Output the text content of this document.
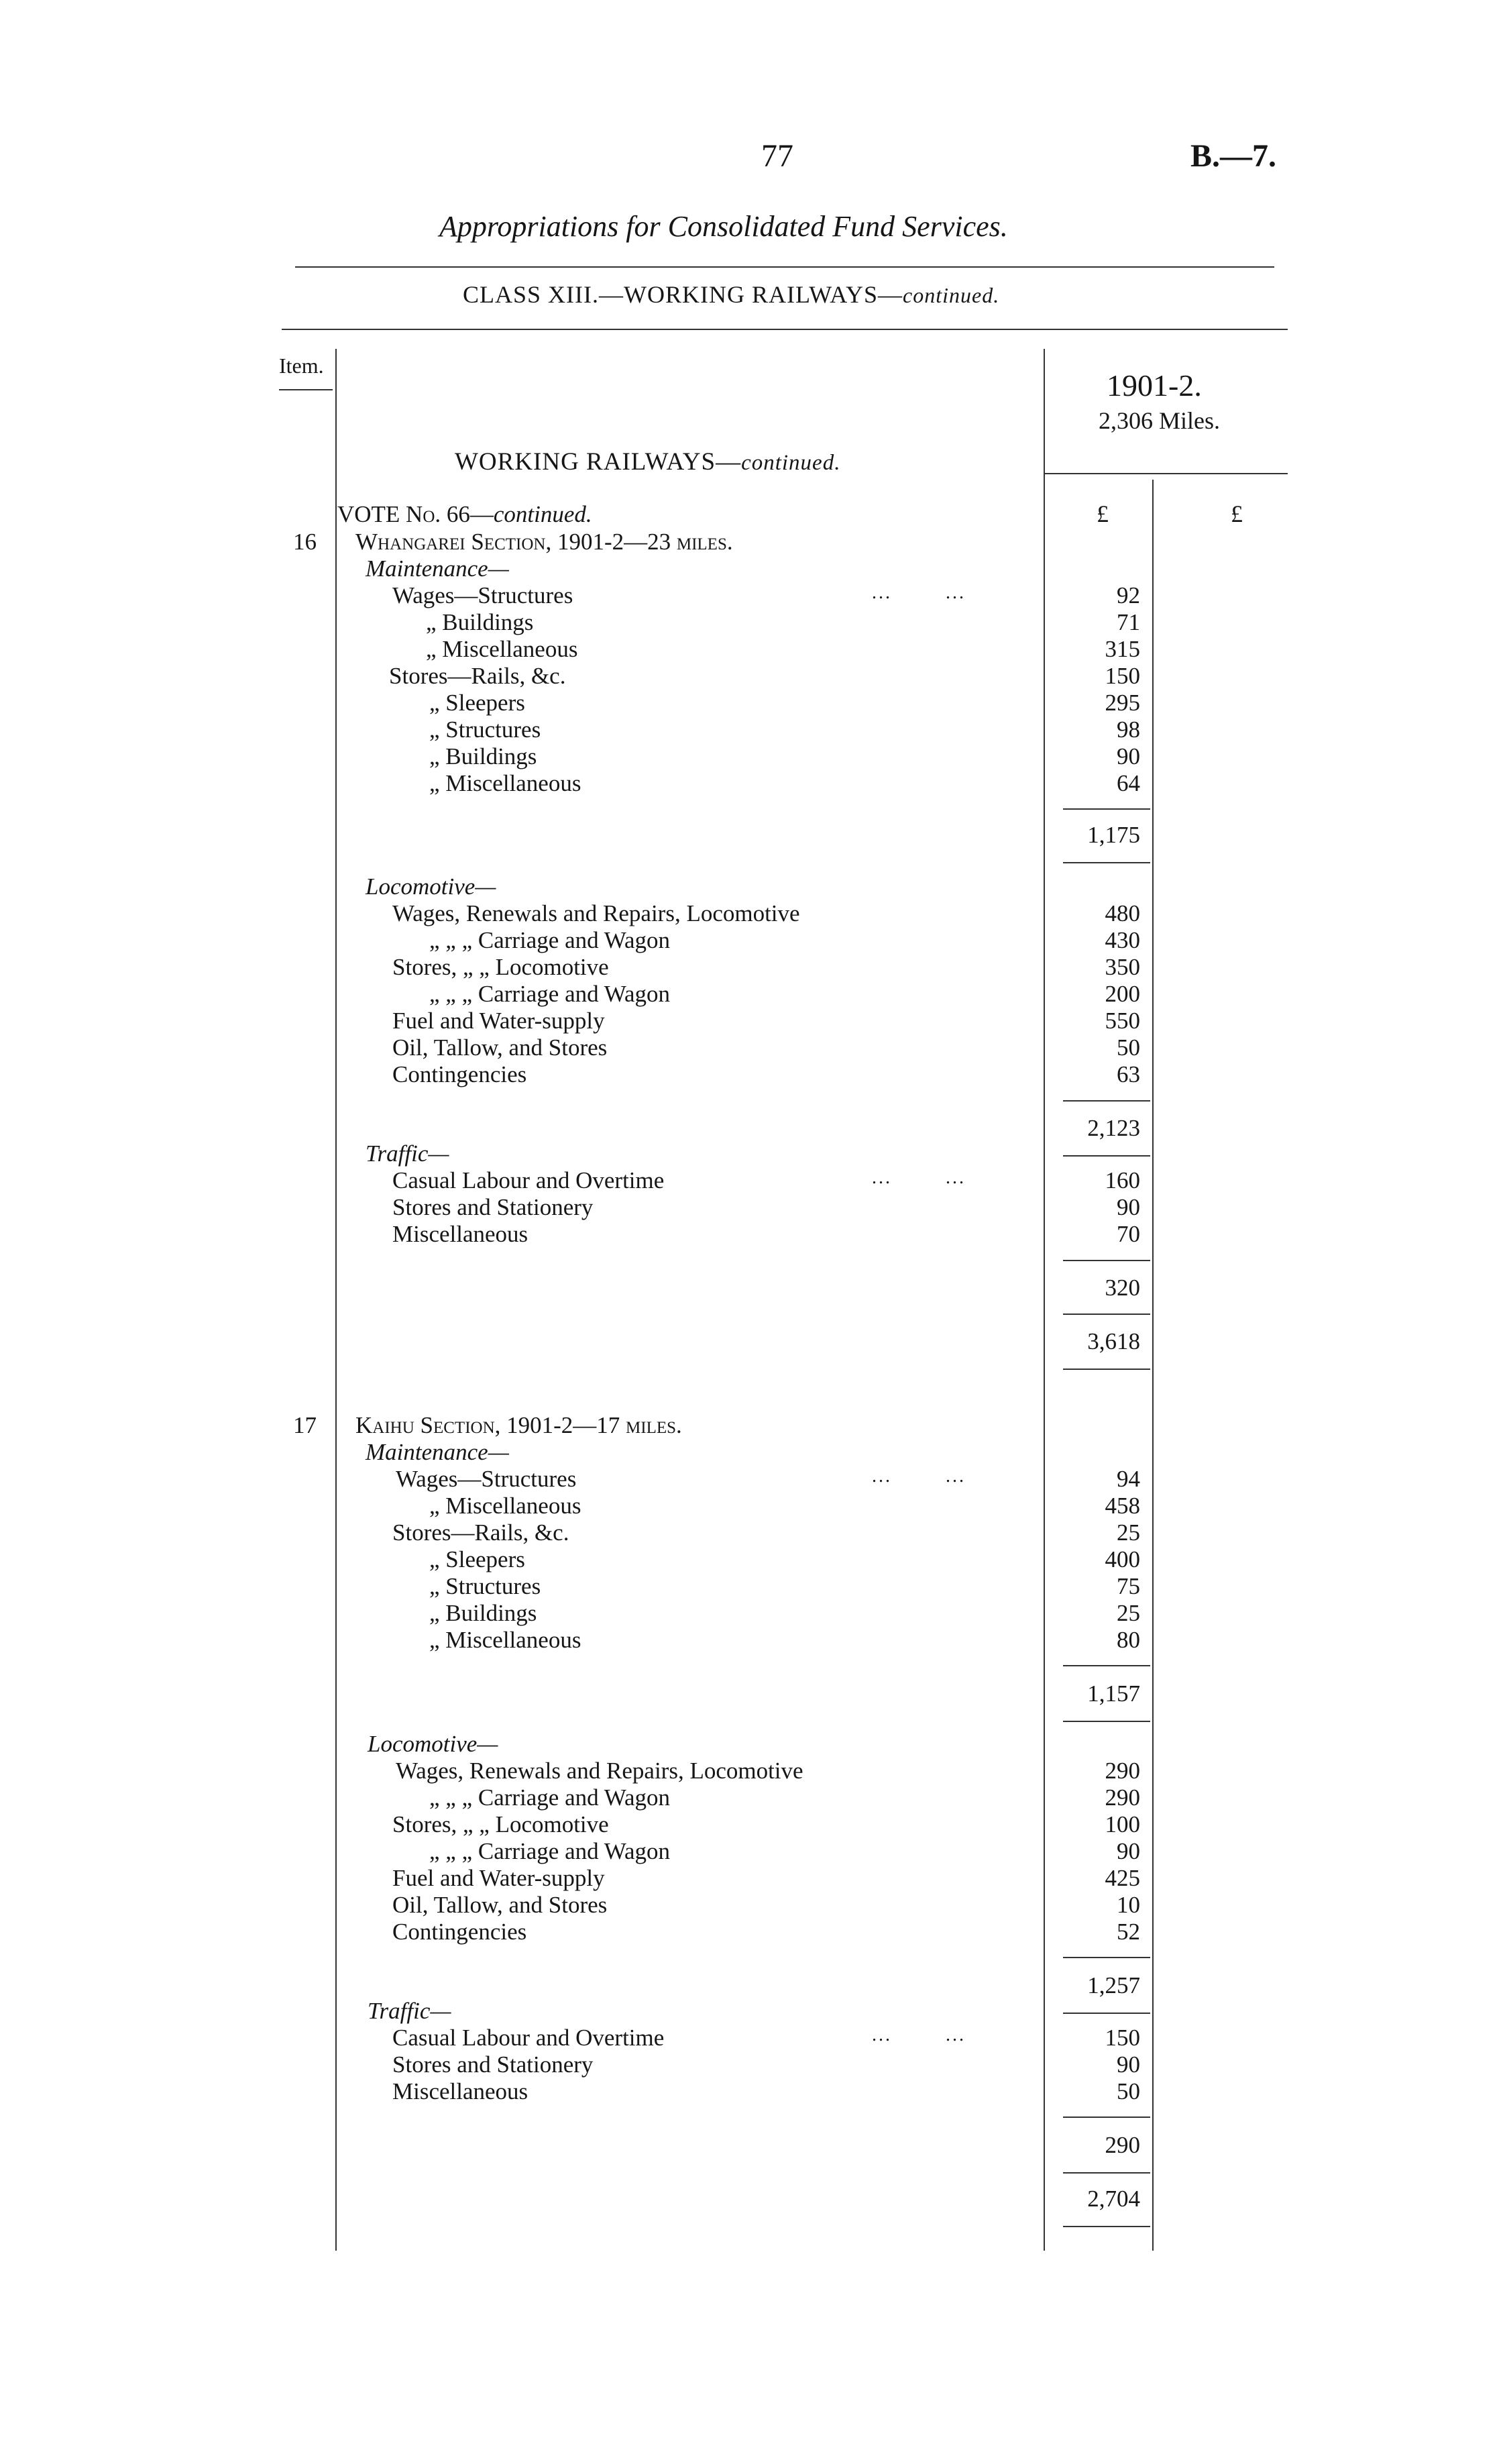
77	B.—7.
Appropriations for Consolidated Fund Services.
CLASS XIII.—WORKING RAILWAYS—continued.
Item.
1901-2.
2,306 Miles.
WORKING RAILWAYS—continued.
£	£
VOTE No. 66—continued.
16 Whangarei Section, 1901-2—23 miles.
Maintenance—
Wages—Structures
„ Buildings
„ Miscellaneous
Stores—Rails, &c.
„ Sleepers
„ Structures
„ Buildings
„ Miscellaneous
92
71
315
150
295
98
90
64
1,175
Locomotive—
Wages, Renewals and Repairs, Locomotive
„ „ „ Carriage and Wagon
Stores, „ „ Locomotive
„ „ „ Carriage and Wagon
Fuel and Water-supply
Oil, Tallow, and Stores
Contingencies
480
430
350
200
550
50
63
2,123
Traffic—
Casual Labour and Overtime
Stores and Stationery
Miscellaneous
160
90
70
320
3,618
17 Kaihu Section, 1901-2—17 miles.
Maintenance—
Wages—Structures
„ Miscellaneous
Stores—Rails, &c.
„ Sleepers
„ Structures
„ Buildings
„ Miscellaneous
94
458
25
400
75
25
80
1,157
Locomotive—
Wages, Renewals and Repairs, Locomotive
„ „ „ Carriage and Wagon
Stores, „ „ Locomotive
„ „ „ Carriage and Wagon
Fuel and Water-supply
Oil, Tallow, and Stores
Contingencies
290
290
100
90
425
10
52
1,257
Traffic—
Casual Labour and Overtime
Stores and Stationery
Miscellaneous
150
90
50
290
2,704
...        ...
...        ...
...        ...
...        ...
